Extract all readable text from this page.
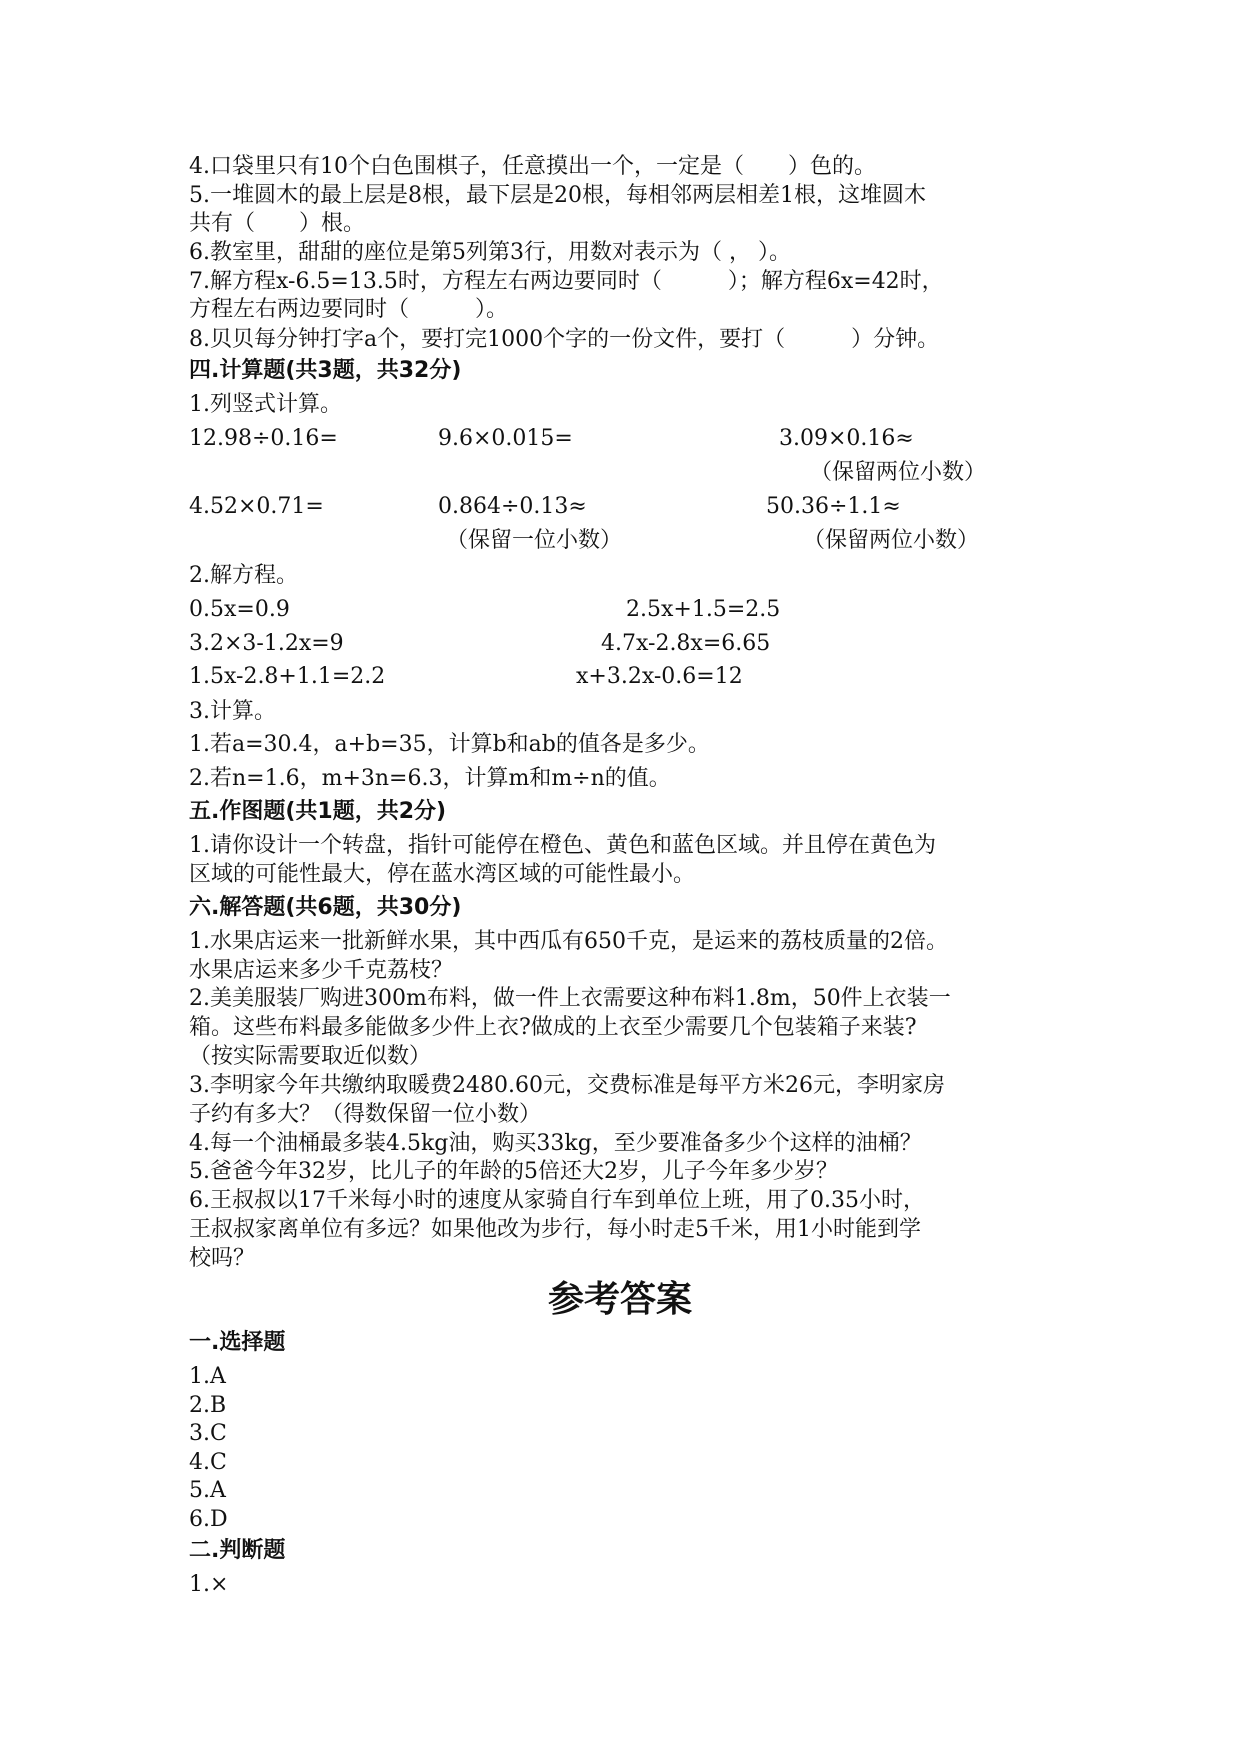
4.口袋里只有10个白色围棋子，任意摸出一个，一定是（　　）色的。
5.一堆圆木的最上层是8根，最下层是20根，每相邻两层相差1根，这堆圆木
共有（　　）根。
6.教室里，甜甜的座位是第5列第3行，用数对表示为（ ， ）。
7.解方程x-6.5=13.5时，方程左右两边要同时（　　　）；解方程6x=42时，
方程左右两边要同时（　　　）。
8.贝贝每分钟打字a个，要打完1000个字的一份文件，要打（　　　）分钟。
四.计算题(共3题，共32分)
1.列竖式计算。
12.98÷0.16=	9.6×0.015=	3.09×0.16≈
（保留两位小数）
4.52×0.71=	0.864÷0.13≈	50.36÷1.1≈
（保留一位小数）	（保留两位小数）
2.解方程。
0.5x=0.9	2.5x+1.5=2.5
3.2×3-1.2x=9	4.7x-2.8x=6.65
1.5x-2.8+1.1=2.2	x+3.2x-0.6=12
3.计算。
1.若a=30.4，a+b=35，计算b和ab的值各是多少。
2.若n=1.6，m+3n=6.3，计算m和m÷n的值。
五.作图题(共1题，共2分)
1.请你设计一个转盘，指针可能停在橙色、黄色和蓝色区域。并且停在黄色为
区域的可能性最大，停在蓝水湾区域的可能性最小。
六.解答题(共6题，共30分)
1.水果店运来一批新鲜水果，其中西瓜有650千克，是运来的荔枝质量的2倍。
水果店运来多少千克荔枝？
2.美美服装厂购进300m布料，做一件上衣需要这种布料1.8m，50件上衣装一
箱。这些布料最多能做多少件上衣?做成的上衣至少需要几个包装箱子来装?
（按实际需要取近似数）
3.李明家今年共缴纳取暖费2480.60元，交费标准是每平方米26元，李明家房
子约有多大？（得数保留一位小数）
4.每一个油桶最多装4.5kg油，购买33kg，至少要准备多少个这样的油桶？
5.爸爸今年32岁，比儿子的年龄的5倍还大2岁，儿子今年多少岁？
6.王叔叔以17千米每小时的速度从家骑自行车到单位上班，用了0.35小时，
王叔叔家离单位有多远？如果他改为步行，每小时走5千米，用1小时能到学
校吗？
参考答案
一.选择题
1.A
2.B
3.C
4.C
5.A
6.D
二.判断题
1.×
